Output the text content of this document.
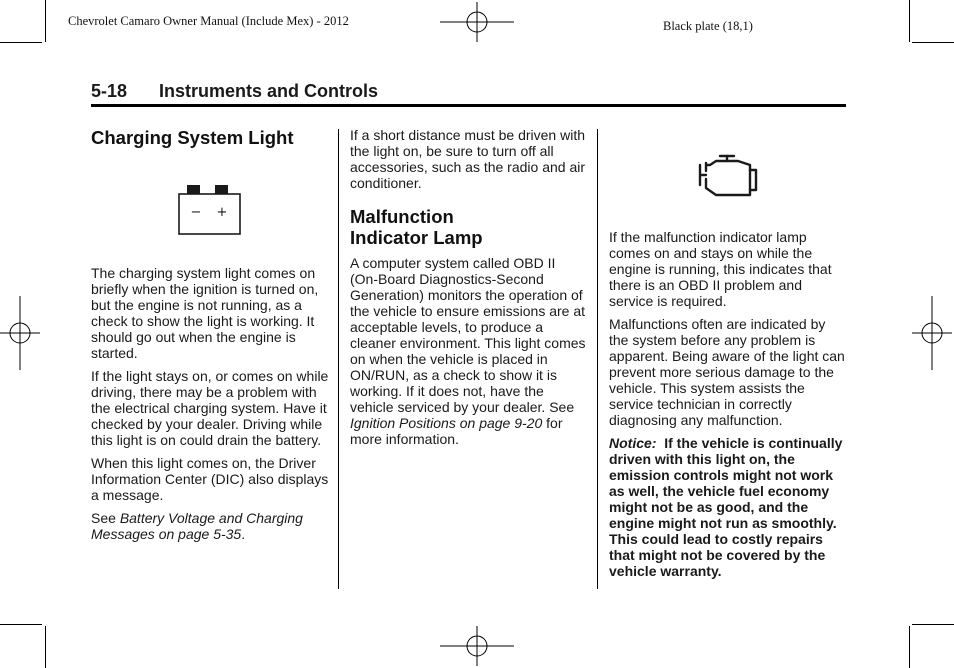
Chevrolet Camaro Owner Manual (Include Mex) - 2012	Black plate (18,1)
5-18 Instruments and Controls
Charging System Light
− +

The charging system light comes on briefly when the ignition is turned on, but the engine is not running, as a check to show the light is working. It should go out when the engine is started.

If the light stays on, or comes on while driving, there may be a problem with the electrical charging system. Have it checked by your dealer. Driving while this light is on could drain the battery.

When this light comes on, the Driver Information Center (DIC) also displays a message.

See Battery Voltage and Charging Messages on page 5‑35.

If a short distance must be driven with the light on, be sure to turn off all accessories, such as the radio and air conditioner.

Malfunction
Indicator Lamp

A computer system called OBD II (On-Board Diagnostics-Second Generation) monitors the operation of the vehicle to ensure emissions are at acceptable levels, to produce a cleaner environment. This light comes on when the vehicle is placed in ON/RUN, as a check to show it is working. If it does not, have the vehicle serviced by your dealer. See Ignition Positions on page 9‑20 for more information.

If the malfunction indicator lamp comes on and stays on while the engine is running, this indicates that there is an OBD II problem and service is required.

Malfunctions often are indicated by the system before any problem is apparent. Being aware of the light can prevent more serious damage to the vehicle. This system assists the service technician in correctly diagnosing any malfunction.

Notice: If the vehicle is continually driven with this light on, the emission controls might not work as well, the vehicle fuel economy might not be as good, and the engine might not run as smoothly. This could lead to costly repairs that might not be covered by the vehicle warranty.
